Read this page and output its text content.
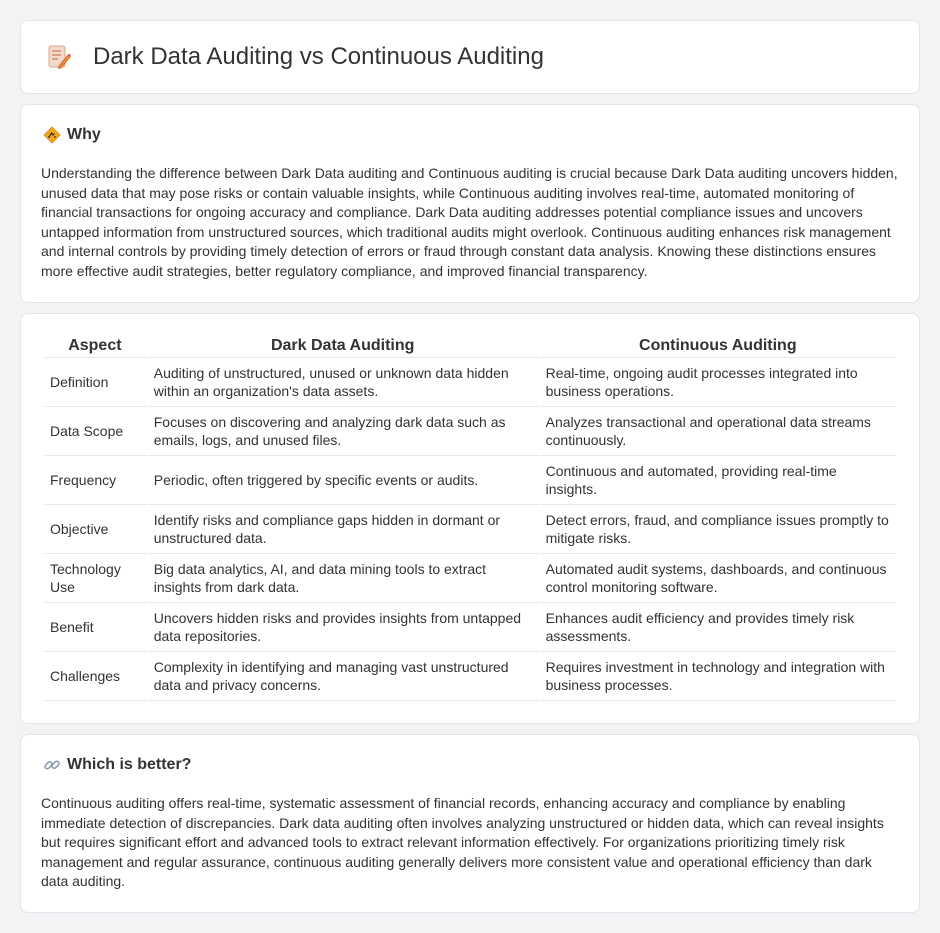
Dark Data Auditing vs Continuous Auditing
Why

Understanding the difference between Dark Data auditing and Continuous auditing is crucial because Dark Data auditing uncovers hidden, unused data that may pose risks or contain valuable insights, while Continuous auditing involves real-time, automated monitoring of financial transactions for ongoing accuracy and compliance. Dark Data auditing addresses potential compliance issues and uncovers untapped information from unstructured sources, which traditional audits might overlook. Continuous auditing enhances risk management and internal controls by providing timely detection of errors or fraud through constant data analysis. Knowing these distinctions ensures more effective audit strategies, better regulatory compliance, and improved financial transparency.

Aspect	Dark Data Auditing	Continuous Auditing
Definition	Auditing of unstructured, unused or unknown data hidden within an organization's data assets.	Real-time, ongoing audit processes integrated into business operations.
Data Scope	Focuses on discovering and analyzing dark data such as emails, logs, and unused files.	Analyzes transactional and operational data streams continuously.
Frequency	Periodic, often triggered by specific events or audits.	Continuous and automated, providing real-time insights.
Objective	Identify risks and compliance gaps hidden in dormant or unstructured data.	Detect errors, fraud, and compliance issues promptly to mitigate risks.
Technology Use	Big data analytics, AI, and data mining tools to extract insights from dark data.	Automated audit systems, dashboards, and continuous control monitoring software.
Benefit	Uncovers hidden risks and provides insights from untapped data repositories.	Enhances audit efficiency and provides timely risk assessments.
Challenges	Complexity in identifying and managing vast unstructured data and privacy concerns.	Requires investment in technology and integration with business processes.
Which is better?

Continuous auditing offers real-time, systematic assessment of financial records, enhancing accuracy and compliance by enabling immediate detection of discrepancies. Dark data auditing often involves analyzing unstructured or hidden data, which can reveal insights but requires significant effort and advanced tools to extract relevant information effectively. For organizations prioritizing timely risk management and regular assurance, continuous auditing generally delivers more consistent value and operational efficiency than dark data auditing.
